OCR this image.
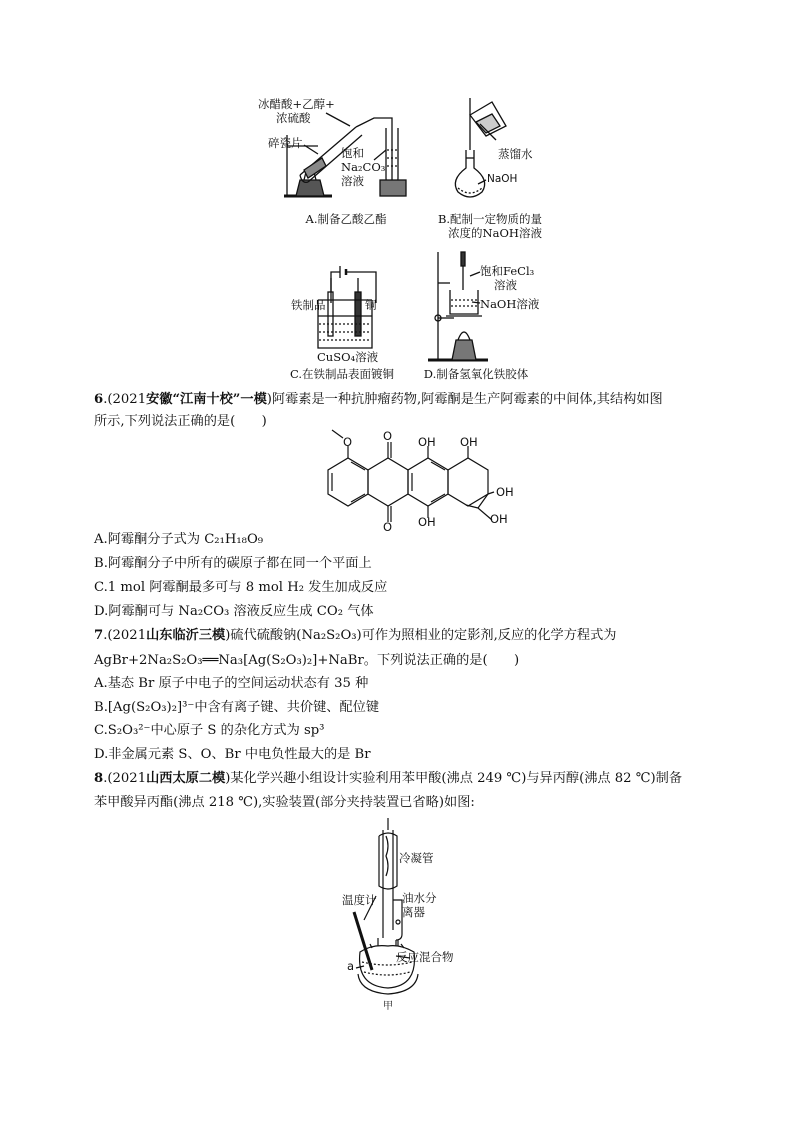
冰醋酸+乙醇+
浓硫酸
碎瓷片
饱和
Na₂CO₃
溶液
A.制备乙酸乙酯
蒸馏水
NaOH
B.配制一定物质的量
浓度的NaOH溶液
铁制品	铜
CuSO₄溶液
C.在铁制品表面镀铜
饱和FeCl₃
溶液
NaOH溶液
D.制备氢氧化铁胶体
6.(2021安徽“江南十校”一模)阿霉素是一种抗肿瘤药物,阿霉酮是生产阿霉素的中间体,其结构如图
所示,下列说法正确的是(　　)
O	O
O
OH OH
OH
OH
OH
A.阿霉酮分子式为 C₂₁H₁₈O₉
B.阿霉酮分子中所有的碳原子都在同一个平面上
C.1 mol 阿霉酮最多可与 8 mol H₂ 发生加成反应
D.阿霉酮可与 Na₂CO₃ 溶液反应生成 CO₂ 气体
7.(2021山东临沂三模)硫代硫酸钠(Na₂S₂O₃)可作为照相业的定影剂,反应的化学方程式为
AgBr+2Na₂S₂O₃══Na₃[Ag(S₂O₃)₂]+NaBr。下列说法正确的是(　　)
A.基态 Br 原子中电子的空间运动状态有 35 种
B.[Ag(S₂O₃)₂]³⁻中含有离子键、共价键、配位键
C.S₂O₃²⁻中心原子 S 的杂化方式为 sp³
D.非金属元素 S、O、Br 中电负性最大的是 Br
8.(2021山西太原二模)某化学兴趣小组设计实验利用苯甲酸(沸点 249 ℃)与异丙醇(沸点 82 ℃)制备
苯甲酸异丙酯(沸点 218 ℃),实验装置(部分夹持装置已省略)如图:
冷凝管
温度计 油水分
离器
反应混合物
a
甲
